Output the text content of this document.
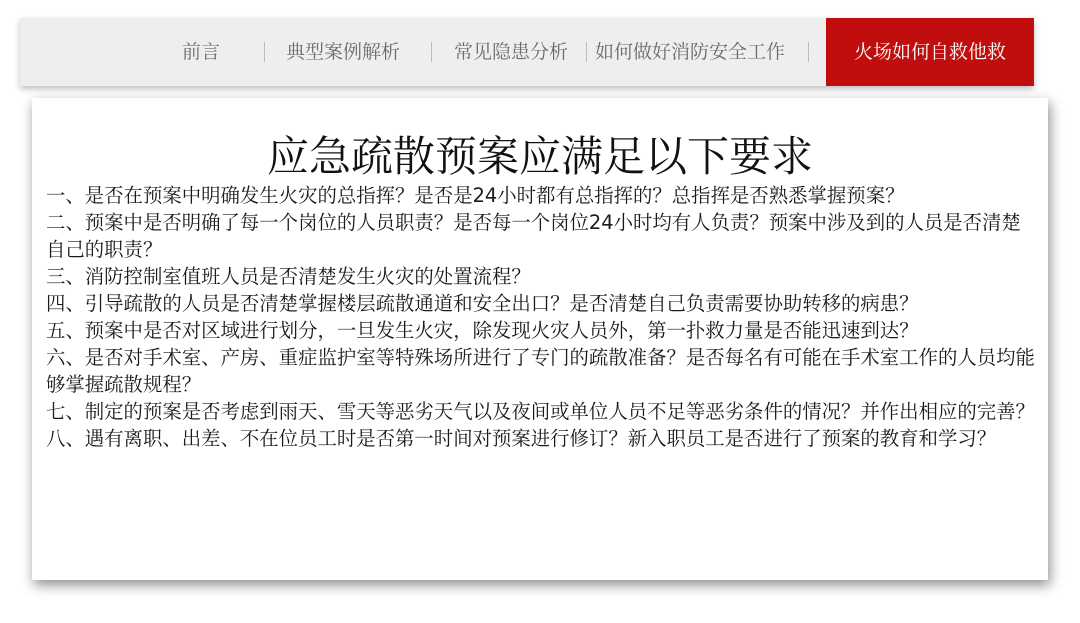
前言	典型案例解析	常见隐患分析 如何做好消防安全工作	火场如何自救他救
应急疏散预案应满足以下要求
一、是否在预案中明确发生火灾的总指挥？是否是24小时都有总指挥的？总指挥是否熟悉掌握预案？
二、预案中是否明确了每一个岗位的人员职责？是否每一个岗位24小时均有人负责？预案中涉及到的人员是否清楚自己的职责？
三、消防控制室值班人员是否清楚发生火灾的处置流程？
四、引导疏散的人员是否清楚掌握楼层疏散通道和安全出口？是否清楚自己负责需要协助转移的病患？
五、预案中是否对区域进行划分，一旦发生火灾，除发现火灾人员外，第一扑救力量是否能迅速到达？
六、是否对手术室、产房、重症监护室等特殊场所进行了专门的疏散准备？是否每名有可能在手术室工作的人员均能够掌握疏散规程？
七、制定的预案是否考虑到雨天、雪天等恶劣天气以及夜间或单位人员不足等恶劣条件的情况？并作出相应的完善？
八、遇有离职、出差、不在位员工时是否第一时间对预案进行修订？新入职员工是否进行了预案的教育和学习？
